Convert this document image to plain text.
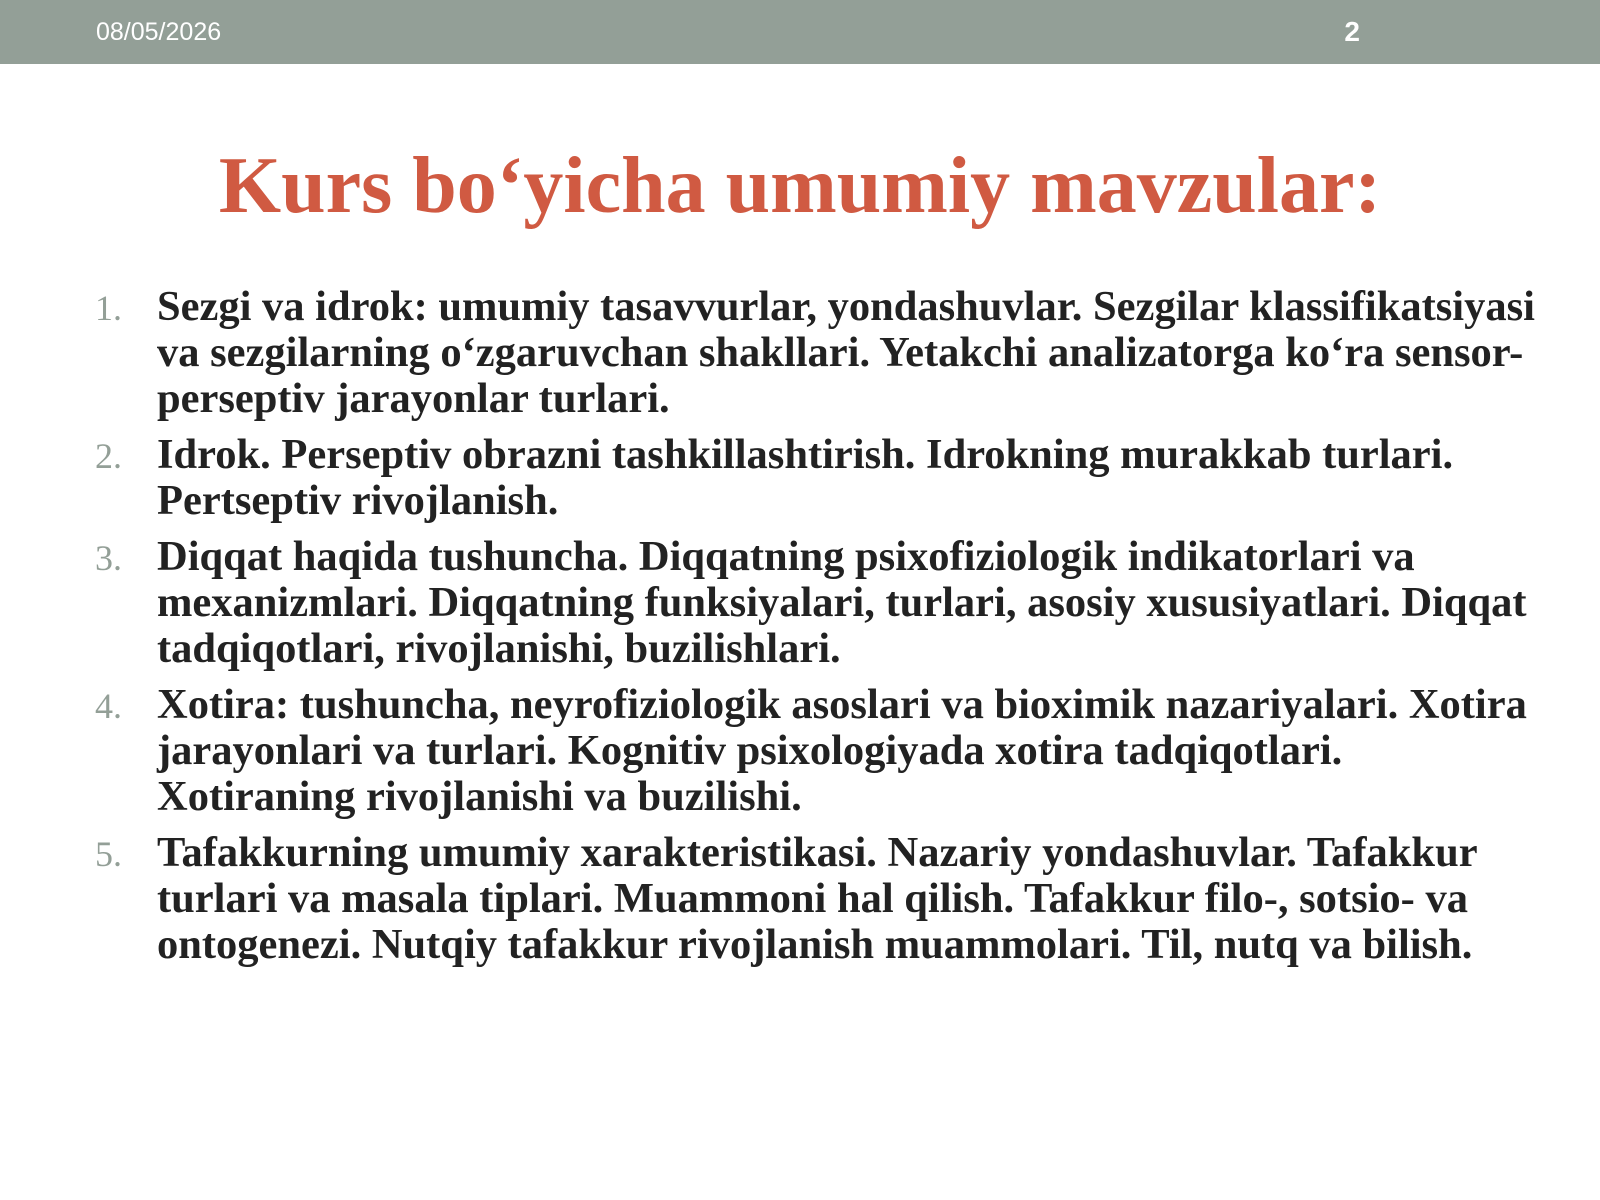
08/05/2026	2
Kurs bo‘yicha umumiy mavzular:
1. Sezgi va idrok: umumiy tasavvurlar, yondashuvlar. Sezgilar klassifikatsiyasi va sezgilarning o‘zgaruvchan shakllari. Yetakchi analizatorga ko‘ra sensor-perseptiv jarayonlar turlari.
2. Idrok. Perseptiv obrazni tashkillashtirish. Idrokning murakkab turlari. Pertseptiv rivojlanish.
3. Diqqat haqida tushuncha. Diqqatning psixofiziologik indikatorlari va mexanizmlari. Diqqatning funksiyalari, turlari, asosiy xususiyatlari. Diqqat tadqiqotlari, rivojlanishi, buzilishlari.
4. Xotira: tushuncha, neyrofiziologik asoslari va bioximik nazariyalari. Xotira jarayonlari va turlari. Kognitiv psixologiyada xotira tadqiqotlari. Xotiraning rivojlanishi va buzilishi.
5. Tafakkurning umumiy xarakteristikasi. Nazariy yondashuvlar. Tafakkur turlari va masala tiplari. Muammoni hal qilish. Tafakkur filo-, sotsio- va ontogenezi. Nutqiy tafakkur rivojlanish muammolari. Til, nutq va bilish.
